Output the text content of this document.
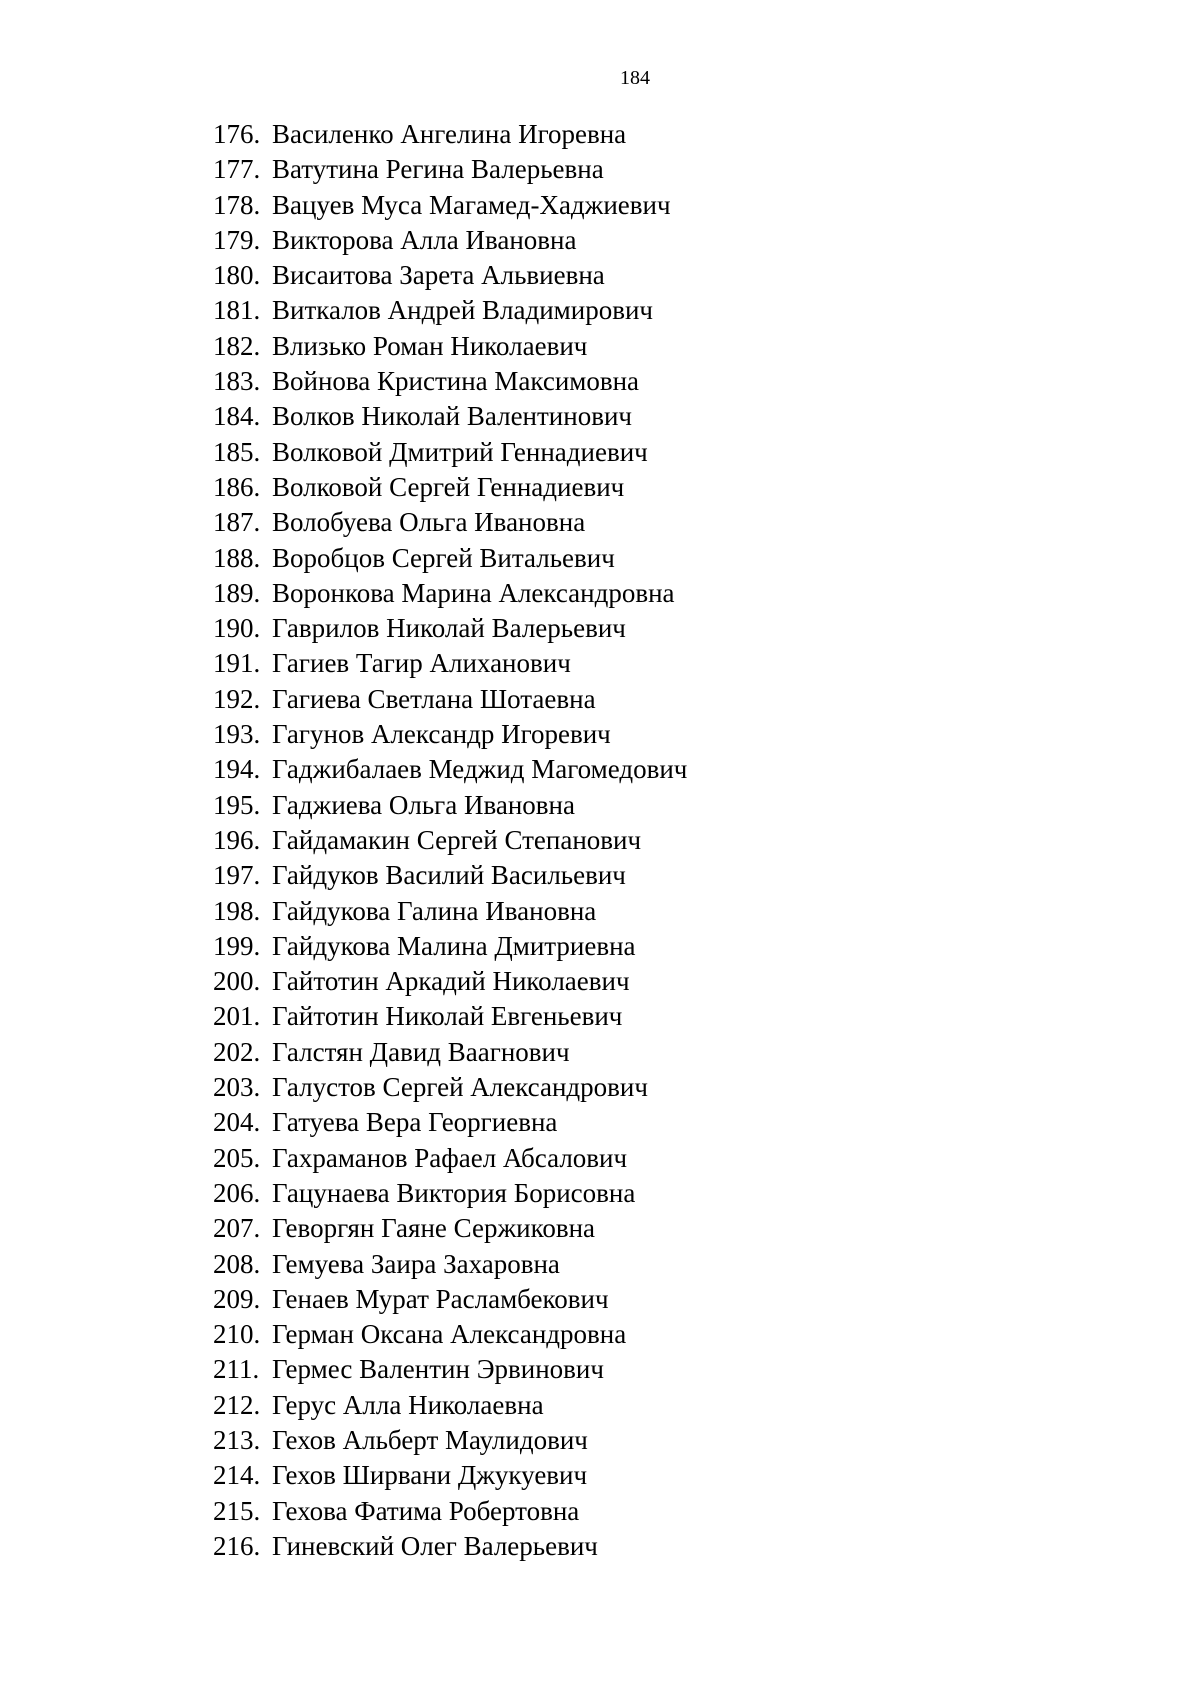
184
176. Василенко Ангелина Игоревна
177. Ватутина Регина Валерьевна
178. Вацуев Муса Магамед-Хаджиевич
179. Викторова Алла Ивановна
180. Висаитова Зарета Альвиевна
181. Виткалов Андрей Владимирович
182. Влизько Роман Николаевич
183. Войнова Кристина Максимовна
184. Волков Николай Валентинович
185. Волковой Дмитрий Геннадиевич
186. Волковой Сергей Геннадиевич
187. Волобуева Ольга Ивановна
188. Воробцов Сергей Витальевич
189. Воронкова Марина Александровна
190. Гаврилов Николай Валерьевич
191. Гагиев Тагир Алиханович
192. Гагиева Светлана Шотаевна
193. Гагунов Александр Игоревич
194. Гаджибалаев Меджид Магомедович
195. Гаджиева Ольга Ивановна
196. Гайдамакин Сергей Степанович
197. Гайдуков Василий Васильевич
198. Гайдукова Галина Ивановна
199. Гайдукова Малина Дмитриевна
200. Гайтотин Аркадий Николаевич
201. Гайтотин Николай Евгеньевич
202. Галстян Давид Ваагнович
203. Галустов Сергей Александрович
204. Гатуева Вера Георгиевна
205. Гахраманов Рафаел Абсалович
206. Гацунаева Виктория Борисовна
207. Геворгян Гаяне Сержиковна
208. Гемуева Заира Захаровна
209. Генаев Мурат Расламбекович
210. Герман Оксана Александровна
211. Гермес Валентин Эрвинович
212. Герус Алла Николаевна
213. Гехов Альберт Маулидович
214. Гехов Ширвани Джукуевич
215. Гехова Фатима Робертовна
216. Гиневский Олег Валерьевич
